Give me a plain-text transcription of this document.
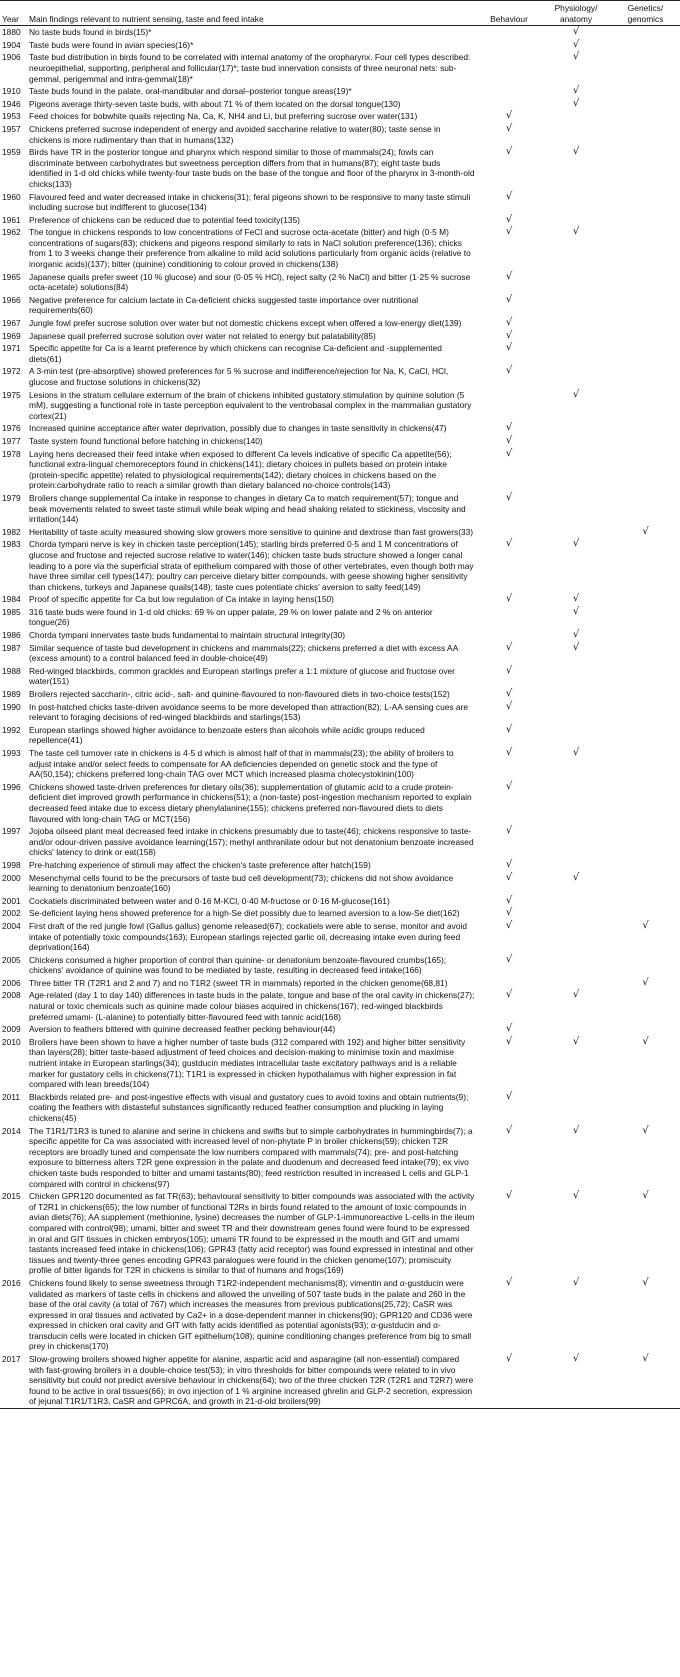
Year	Main findings relevant to nutrient sensing, taste and feed intake	Behaviour	Physiology/ anatomy	Genetics/ genomics
1880	No taste buds found in birds(15)*		√	
1904	Taste buds were found in avian species(16)*		√	
1906	Taste bud distribution in birds found to be correlated with internal anatomy of the oropharynx. Four cell types described: neuroepithelial, supporting, peripheral and follicular(17)*; taste bud innervation consists of three neuronal nets: sub-gemmal, perigemmal and intra-gemmal(18)*		√	
1910	Taste buds found in the palate, oral-mandibular and dorsal–posterior tongue areas(19)*		√	
1946	Pigeons average thirty-seven taste buds, with about 71 % of them located on the dorsal tongue(130)		√	
1953	Feed choices for bobwhite quails rejecting Na, Ca, K, NH4 and Li, but preferring sucrose over water(131)	√		
1957	Chickens preferred sucrose independent of energy and avoided saccharine relative to water(80); taste sense in chickens is more rudimentary than that in humans(132)	√		
1959	Birds have TR in the posterior tongue and pharynx which respond similar to those of mammals(24); fowls can discriminate between carbohydrates but sweetness perception differs from that in humans(87); eight taste buds identified in 1-d old chicks while twenty-four taste buds on the base of the tongue and floor of the pharynx in 3-month-old chicks(133)	√	√	
1960	Flavoured feed and water decreased intake in chickens(31); feral pigeons shown to be responsive to many taste stimuli including sucrose but indifferent to glucose(134)	√		
1961	Preference of chickens can be reduced due to potential feed toxicity(135)	√		
1962	The tongue in chickens responds to low concentrations of FeCl and sucrose octa-acetate (bitter) and high (0·5 M) concentrations of sugars(83); chickens and pigeons respond similarly to rats in NaCl solution preference(136); chicks from 1 to 3 weeks change their preference from alkaline to mild acid solutions particularly from organic acids (relative to inorganic acids)(137); bitter (quinine) conditioning to colour proved in chickens(138)	√	√	
1965	Japanese quails prefer sweet (10 % glucose) and sour (0·05 % HCl), reject salty (2 % NaCl) and bitter (1·25 % sucrose octa-acetate) solutions(84)	√		
1966	Negative preference for calcium lactate in Ca-deficient chicks suggested taste importance over nutritional requirements(60)	√		
1967	Jungle fowl prefer sucrose solution over water but not domestic chickens except when offered a low-energy diet(139)	√		
1969	Japanese quail preferred sucrose solution over water not related to energy but palatability(85)	√		
1971	Specific appetite for Ca is a learnt preference by which chickens can recognise Ca-deficient and -supplemented diets(61)	√		
1972	A 3-min test (pre-absorptive) showed preferences for 5 % sucrose and indifference/rejection for Na, K, CaCl, HCl, glucose and fructose solutions in chickens(32)	√		
1975	Lesions in the stratum cellulare externum of the brain of chickens inhibited gustatory stimulation by quinine solution (5 mM), suggesting a functional role in taste perception equivalent to the ventrobasal complex in the mammalian gustatory cortex(21)		√	
1976	Increased quinine acceptance after water deprivation, possibly due to changes in taste sensitivity in chickens(47)	√		
1977	Taste system found functional before hatching in chickens(140)	√		
1978	Laying hens decreased their feed intake when exposed to different Ca levels indicative of specific Ca appetite(56); functional extra-lingual chemoreceptors found in chickens(141); dietary choices in pullets based on protein intake (protein-specific appetite) related to physiological requirements(142); dietary choices in chickens based on the protein:carbohydrate ratio to reach a similar growth than dietary balanced no-choice controls(143)	√		
1979	Broilers change supplemental Ca intake in response to changes in dietary Ca to match requirement(57); tongue and beak movements related to sweet taste stimuli while beak wiping and head shaking related to stickiness, viscosity and irritation(144)	√		
1982	Heritability of taste acuity measured showing slow growers more sensitive to quinine and dextrose than fast growers(33)			√
1983	Chorda tympani nerve is key in chicken taste perception(145); starling birds preferred 0·5 and 1 M concentrations of glucose and fructose and rejected sucrose relative to water(146); chicken taste buds structure showed a longer canal leading to a pore via the superficial strata of epithelium compared with those of other vertebrates, even though both may have three similar cell types(147); poultry can perceive dietary bitter compounds, with geese showing higher sensitivity than chickens, turkeys and Japanese quails(148); taste cues potentiate chicks' aversion to salty feed(149)	√	√	
1984	Proof of specific appetite for Ca but low regulation of Ca intake in laying hens(150)	√	√	
1985	316 taste buds were found in 1-d old chicks: 69 % on upper palate, 29 % on lower palate and 2 % on anterior tongue(26)		√	
1986	Chorda tympani innervates taste buds fundamental to maintain structural integrity(30)		√	
1987	Similar sequence of taste bud development in chickens and mammals(22); chickens preferred a diet with excess AA (excess amount) to a control balanced feed in double-choice(49)	√	√	
1988	Red-winged blackbirds, common grackles and European starlings prefer a 1:1 mixture of glucose and fructose over water(151)	√		
1989	Broilers rejected saccharin-, citric acid-, salt- and quinine-flavoured to non-flavoured diets in two-choice tests(152)	√		
1990	In post-hatched chicks taste-driven avoidance seems to be more developed than attraction(82); L-AA sensing cues are relevant to foraging decisions of red-winged blackbirds and starlings(153)	√		
1992	European starlings showed higher avoidance to benzoate esters than alcohols while acidic groups reduced repellence(41)	√		
1993	The taste cell turnover rate in chickens is 4·5 d which is almost half of that in mammals(23); the ability of broilers to adjust intake and/or select feeds to compensate for AA deficiencies depended on genetic stock and the type of AA(50,154); chickens preferred long-chain TAG over MCT which increased plasma cholecystokinin(100)	√	√	
1996	Chickens showed taste-driven preferences for dietary oils(36); supplementation of glutamic acid to a crude protein-deficient diet improved growth performance in chickens(51); a (non-taste) post-ingestion mechanism reported to explain decreased feed intake due to excess dietary phenylalanine(155); chickens preferred non-flavoured diets to diets flavoured with long-chain TAG or MCT(156)	√		
1997	Jojoba oilseed plant meal decreased feed intake in chickens presumably due to taste(46); chickens responsive to taste- and/or odour-driven passive avoidance learning(157); methyl anthranilate odour but not denatonium benzoate increased chicks' latency to drink or eat(158)	√		
1998	Pre-hatching experience of stimuli may affect the chicken's taste preference after hatch(159)	√		
2000	Mesenchymal cells found to be the precursors of taste bud cell development(73); chickens did not show avoidance learning to denatonium benzoate(160)	√	√	
2001	Cockatiels discriminated between water and 0·16 M-KCl, 0·40 M-fructose or 0·16 M-glucose(161)	√		
2002	Se-deficient laying hens showed preference for a high-Se diet possibly due to learned aversion to a low-Se diet(162)	√		
2004	First draft of the red jungle fowl (Gallus gallus) genome released(67); cockatiels were able to sense, monitor and avoid intake of potentially toxic compounds(163); European starlings rejected garlic oil, decreasing intake even during feed deprivation(164)	√		√
2005	Chickens consumed a higher proportion of control than quinine- or denatonium benzoate-flavoured crumbs(165); chickens' avoidance of quinine was found to be mediated by taste, resulting in decreased feed intake(166)	√		
2006	Three bitter TR (T2R1 and 2 and 7) and no T1R2 (sweet TR in mammals) reported in the chicken genome(68,81)			√
2008	Age-related (day 1 to day 140) differences in taste buds in the palate, tongue and base of the oral cavity in chickens(27); natural or toxic chemicals such as quinine made colour biases acquired in chickens(167); red-winged blackbirds preferred umami- (L-alanine) to potentially bitter-flavoured feed with tannic acid(168)	√	√	
2009	Aversion to feathers bittered with quinine decreased feather pecking behaviour(44)	√		
2010	Broilers have been shown to have a higher number of taste buds (312 compared with 192) and higher bitter sensitivity than layers(28); bitter taste-based adjustment of feed choices and decision-making to minimise toxin and maximise nutrient intake in European starlings(34); gustducin mediates intracellular taste excitatory pathways and is a reliable marker for gustatory cells in chickens(71); T1R1 is expressed in chicken hypothalamus with higher expression in fat compared with lean breeds(104)	√	√	√
2011	Blackbirds related pre- and post-ingestive effects with visual and gustatory cues to avoid toxins and obtain nutrients(9); coating the feathers with distasteful substances significantly reduced feather consumption and plucking in laying chickens(45)	√		
2014	The T1R1/T1R3 is tuned to alanine and serine in chickens and swifts but to simple carbohydrates in hummingbirds(7); a specific appetite for Ca was associated with increased level of non-phytate P in broiler chickens(59); chicken T2R receptors are broadly tuned and compensate the low numbers compared with mammals(74); pre- and post-hatching exposure to bitterness alters T2R gene expression in the palate and duodenum and decreased feed intake(79); ex vivo chicken taste buds responded to bitter and umami tastants(80); feed restriction resulted in increased L cells and GLP-1 compared with control in chickens(97)	√	√	√
2015	Chicken GPR120 documented as fat TR(63); behavioural sensitivity to bitter compounds was associated with the activity of T2R1 in chickens(65); the low number of functional T2Rs in birds found related to the amount of toxic compounds in avian diets(76); AA supplement (methionine, lysine) decreases the number of GLP-1-immunoreactive L-cells in the ileum compared with control(98); umami, bitter and sweet TR and their downstream genes found were found to be expressed in oral and GIT tissues in chicken embryos(105); umami TR found to be expressed in the mouth and GIT and umami tastants increased feed intake in chickens(106); GPR43 (fatty acid receptor) was found expressed in intestinal and other tissues and twenty-three genes encoding GPR43 paralogues were found in the chicken genome(107); promiscuity profile of bitter ligands for T2R in chickens is similar to that of humans and frogs(169)	√	√	√
2016	Chickens found likely to sense sweetness through T1R2-independent mechanisms(8); vimentin and α-gustducin were validated as markers of taste cells in chickens and allowed the unveiling of 507 taste buds in the palate and 260 in the base of the oral cavity (a total of 767) which increases the measures from previous publications(25,72); CaSR was expressed in oral tissues and activated by Ca2+ in a dose-dependent manner in chickens(90); GPR120 and CD36 were expressed in chicken oral cavity and GIT with fatty acids identified as potential agonists(93); α-gustducin and α-transducin cells were located in chicken GIT epithelium(108); quinine conditioning changes preference from big to small prey in chickens(170)	√	√	√
2017	Slow-growing broilers showed higher appetite for alanine, aspartic acid and asparagine (all non-essential) compared with fast-growing broilers in a double-choice test(53); in vitro thresholds for bitter compounds were related to in vivo sensitivity but could not predict aversive behaviour in chickens(64); two of the three chicken T2R (T2R1 and T2R7) were found to be active in oral tissues(66); in ovo injection of 1 % arginine increased ghrelin and GLP-2 secretion, expression of jejunal T1R1/T1R3, CaSR and GPRC6A, and growth in 21-d-old broilers(99)	√	√	√
